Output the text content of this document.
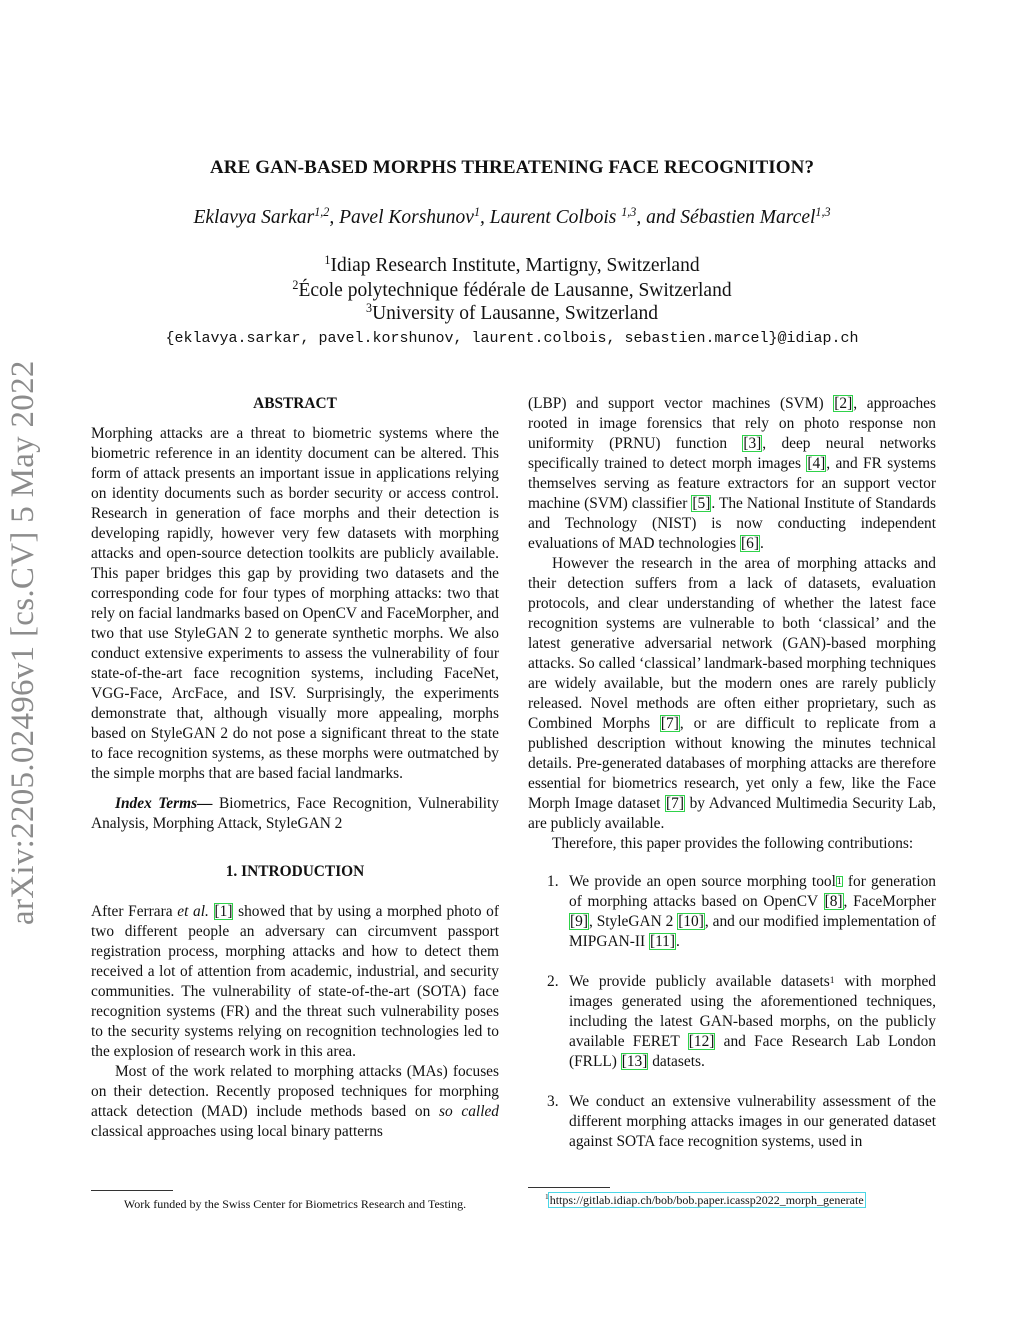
arXiv:2205.02496v1 [cs.CV] 5 May 2022
ARE GAN-BASED MORPHS THREATENING FACE RECOGNITION?
Eklavya Sarkar$^{1,2}$, Pavel Korshunov$^1$, Laurent Colbois $^{1,3}$, and Sébastien Marcel$^{1,3}$
$^1$Idiap Research Institute, Martigny, Switzerland
$^2$École polytechnique fédérale de Lausanne, Switzerland
$^3$University of Lausanne, Switzerland
{eklavya.sarkar, pavel.korshunov, laurent.colbois, sebastien.marcel}@idiap.ch
ABSTRACT

Morphing attacks are a threat to biometric systems where the biometric reference in an identity document can be altered. This form of attack presents an important issue in applications relying on identity documents such as border security or access control. Research in generation of face morphs and their detection is developing rapidly, however very few datasets with morphing attacks and open-source detection toolkits are publicly available. This paper bridges this gap by providing two datasets and the corresponding code for four types of morphing attacks: two that rely on facial landmarks based on OpenCV and FaceMorpher, and two that use StyleGAN 2 to generate synthetic morphs. We also conduct extensive experiments to assess the vulnerability of four state-of-the-art face recognition systems, including FaceNet, VGG-Face, ArcFace, and ISV. Surprisingly, the experiments demonstrate that, although visually more appealing, morphs based on StyleGAN 2 do not pose a significant threat to the state to face recognition systems, as these morphs were outmatched by the simple morphs that are based facial landmarks.

Index Terms— Biometrics, Face Recognition, Vulnerability Analysis, Morphing Attack, StyleGAN 2

1. INTRODUCTION

After Ferrara et al. [1] showed that by using a morphed photo of two different people an adversary can circumvent passport registration process, morphing attacks and how to detect them received a lot of attention from academic, industrial, and security communities. The vulnerability of state-of-the-art (SOTA) face recognition systems (FR) and the threat such vulnerability poses to the security systems relying on recognition technologies led to the explosion of research work in this area.

Most of the work related to morphing attacks (MAs) focuses on their detection. Recently proposed techniques for morphing attack detection (MAD) include methods based on so called classical approaches using local binary patterns

(LBP) and support vector machines (SVM) [2], approaches rooted in image forensics that rely on photo response non uniformity (PRNU) function [3], deep neural networks specifically trained to detect morph images [4], and FR systems themselves serving as feature extractors for an support vector machine (SVM) classifier [5]. The National Institute of Standards and Technology (NIST) is now conducting independent evaluations of MAD technologies [6].

However the research in the area of morphing attacks and their detection suffers from a lack of datasets, evaluation protocols, and clear understanding of whether the latest face recognition systems are vulnerable to both ‘classical’ and the latest generative adversarial network (GAN)-based morphing attacks. So called ‘classical’ landmark-based morphing techniques are widely available, but the modern ones are rarely publicly released. Novel methods are often either proprietary, such as Combined Morphs [7], or are difficult to replicate from a published description without knowing the minutes technical details. Pre-generated databases of morphing attacks are therefore essential for biometrics research, yet only a few, like the Face Morph Image dataset [7] by Advanced Multimedia Security Lab, are publicly available.

Therefore, this paper provides the following contributions:

1. We provide an open source morphing tool$^1$ for generation of morphing attacks based on OpenCV [8], FaceMorpher [9], StyleGAN 2 [10], and our modified implementation of MIPGAN-II [11].
2. We provide publicly available datasets$^1$ with morphed images generated using the aforementioned techniques, including the latest GAN-based morphs, on the publicly available FERET [12] and Face Research Lab London (FRLL) [13] datasets.
3. We conduct an extensive vulnerability assessment of the different morphing attacks images in our generated dataset against SOTA face recognition systems, used in
Work funded by the Swiss Center for Biometrics Research and Testing.
$^1$https://gitlab.idiap.ch/bob/bob.paper.icassp2022_morph_generate
